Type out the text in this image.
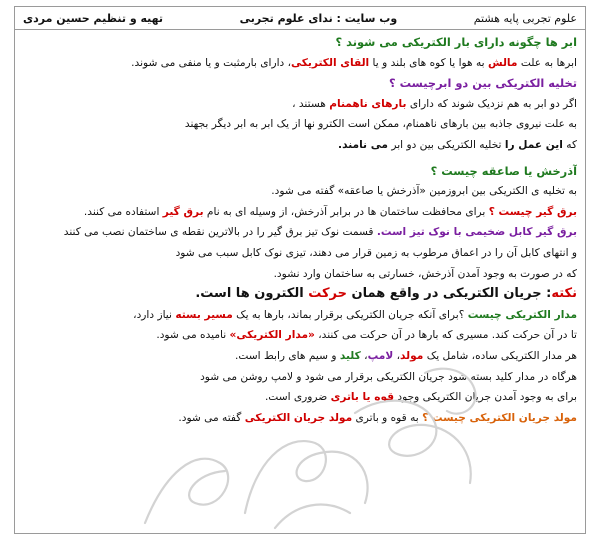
علوم تجربی پایه هشتم
وب سایت : ندای علوم تجربی
تهیه و تنظیم حسین مردی
ابر ها چگونه دارای بار الکتریکی می شوند ؟
ابرها به علت مالش به هوا یا کوه های بلند و یا القای الکتریکی، دارای بارمثبت و یا منفی می شوند.
تخلیه الکتریکی بین دو ابرچیست ؟
اگر دو ابر به هم نزدیک شوند که دارای بارهای ناهمنام هستند ،
به علت نیروی جاذبه بین بارهای ناهمنام، ممکن است الکترو نها از یک ابر به ابر دیگر بجهند
که این عمل را تخلیه الکتریکی بین دو ابر می نامند.
آذرخش یا صاعقه چیست ؟
به تخلیه ی الکتریکی بین ابروزمین «آذرخش یا صاعقه» گفته می شود.
برق گیر چیست ؟ برای محافظت ساختمان ها در برابر آذرخش، از وسیله ای به نام برق گیر استفاده می کنند.
برق گیر کابل ضخیمی با نوک تیز است. قسمت نوک تیز برق گیر را در بالاترین نقطه ی ساختمان نصب می کنند
و انتهای کابل آن را در اعماق مرطوب به زمین قرار می دهند، تیزی نوک کابل سبب می شود
که در صورت به وجود آمدن آذرخش، خسارتی به ساختمان وارد نشود.
نکته: جریان الکتریکی در واقع همان حرکت الکترون ها است.
مدار الکتریکی چیست ؟برای آنکه جریان الکتریکی برقرار بماند، بارها به یک مسیر بسته نیاز دارد،
تا در آن حرکت کند. مسیری که بارها در آن حرکت می کنند، «مدار الکتریکی» نامیده می شود.
هر مدار الکتریکی ساده، شامل یک مولد، لامپ، کلید و سیم های رابط است.
هرگاه در مدار کلید بسته شود جریان الکتریکی برقرار می شود و لامپ روشن می شود
برای به وجود آمدن جریان الکتریکی وجود قوه یا باتری ضروری است.
مولد جریان الکتریکی چیست ؟ به قوه و باتری مولد جریان الکتریکی گفته می شود.
